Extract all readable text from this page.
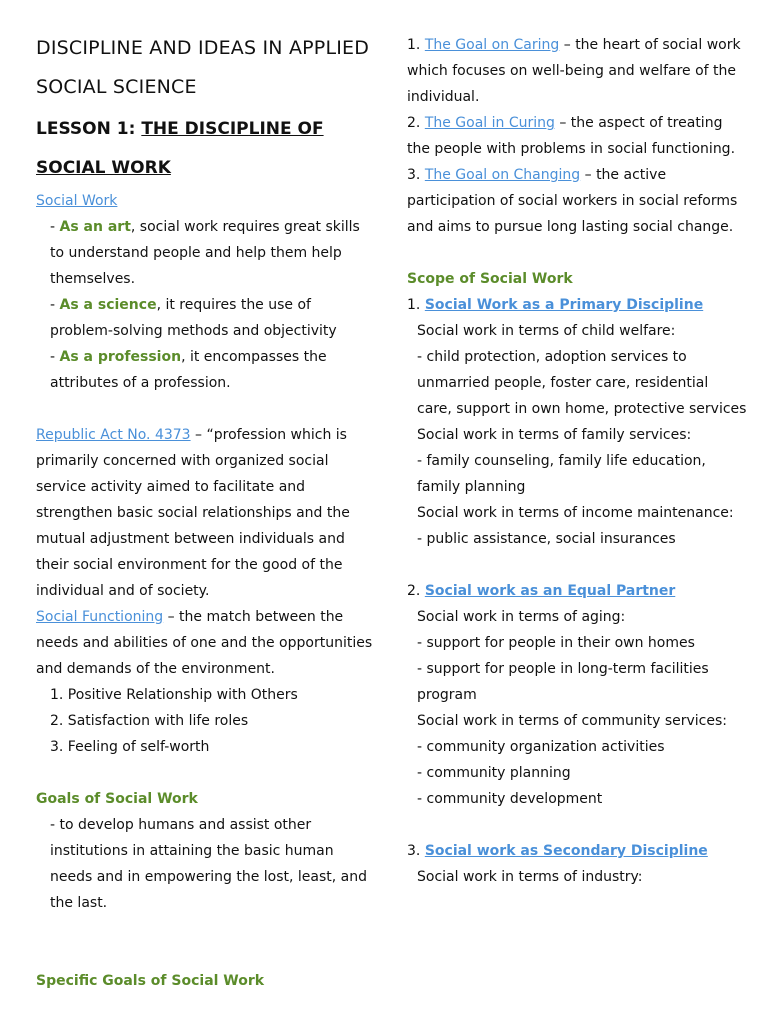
DISCIPLINE AND IDEAS IN APPLIED SOCIAL SCIENCE
LESSON 1: THE DISCIPLINE OF SOCIAL WORK
Social Work
- As an art, social work requires great skills to understand people and help them help themselves.
- As a science, it requires the use of problem-solving methods and objectivity
- As a profession, it encompasses the attributes of a profession.
Republic Act No. 4373 – “profession which is primarily concerned with organized social service activity aimed to facilitate and strengthen basic social relationships and the mutual adjustment between individuals and their social environment for the good of the individual and of society.
Social Functioning – the match between the needs and abilities of one and the opportunities and demands of the environment.
1. Positive Relationship with Others
2. Satisfaction with life roles
3. Feeling of self-worth
Goals of Social Work
- to develop humans and assist other institutions in attaining the basic human needs and in empowering the lost, least, and the last.
Specific Goals of Social Work
1. The Goal on Caring – the heart of social work which focuses on well-being and welfare of the individual.
2. The Goal in Curing – the aspect of treating the people with problems in social functioning.
3. The Goal on Changing – the active participation of social workers in social reforms and aims to pursue long lasting social change.
Scope of Social Work
1. Social Work as a Primary Discipline
Social work in terms of child welfare:
- child protection, adoption services to unmarried people, foster care, residential care, support in own home, protective services
Social work in terms of family services:
- family counseling, family life education, family planning
Social work in terms of income maintenance:
- public assistance, social insurances
2. Social work as an Equal Partner
Social work in terms of aging:
- support for people in their own homes
- support for people in long-term facilities program
Social work in terms of community services:
- community organization activities
- community planning
- community development
3. Social work as Secondary Discipline
Social work in terms of industry:
